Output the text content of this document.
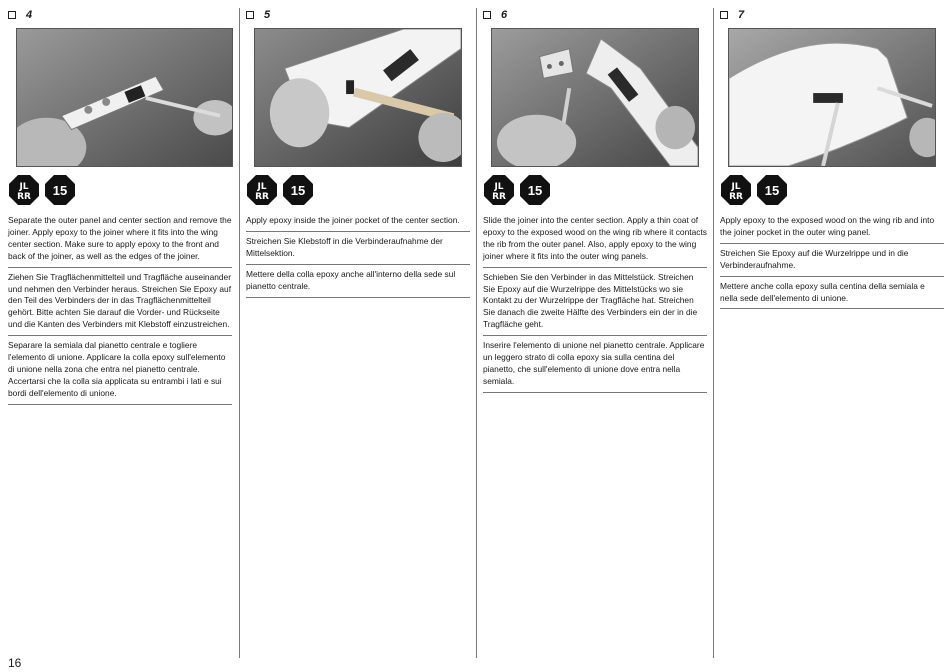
4
JL
RR	15
Separate the outer panel and center section and remove the joiner. Apply epoxy to the joiner where it fits into the wing center section. Make sure to apply epoxy to the front and back of the joiner, as well as the edges of the joiner.
Ziehen Sie Tragflächenmittelteil und Tragfläche auseinander und nehmen den Verbinder heraus. Streichen Sie Epoxy auf den Teil des Verbinders der in das Tragflächenmittelteil gehört. Bitte achten Sie darauf die Vorder- und Rückseite und die Kanten des Verbinders mit Klebstoff einzustreichen.
Separare la semiala dal pianetto centrale e togliere l'elemento di unione. Applicare la colla epoxy sull'elemento di unione nella zona che entra nel pianetto centrale. Accertarsi che la colla sia applicata su entrambi i lati e sui bordi dell'elemento di unione.
5
JL
RR	15
Apply epoxy inside the joiner pocket of the center section.
Streichen Sie Klebstoff in die Verbinderaufnahme der Mittelsektion.
Mettere della colla epoxy anche all'interno della sede sul pianetto centrale.
6
JL
RR	15
Slide the joiner into the center section. Apply a thin coat of epoxy to the exposed wood on the wing rib where it contacts the rib from the outer panel. Also, apply epoxy to the wing joiner where it fits into the outer wing panels.
Schieben Sie den Verbinder in das Mittelstück. Streichen Sie Epoxy auf die Wurzelrippe des Mittelstücks wo sie Kontakt zu der Wurzelrippe der Tragfläche hat. Streichen Sie danach die zweite Hälfte des Verbinders ein der in die Tragfläche geht.
Inserire l'elemento di unione nel pianetto centrale. Applicare un leggero strato di colla epoxy sia sulla centina del pianetto, che sull'elemento di unione dove entra nella semiala.
7
JL
RR	15
Apply epoxy to the exposed wood on the wing rib and into the joiner pocket in the outer wing panel.
Streichen Sie Epoxy auf die Wurzelrippe und in die Verbinderaufnahme.
Mettere anche colla epoxy sulla centina della semiala e nella sede dell'elemento di unione.
16
